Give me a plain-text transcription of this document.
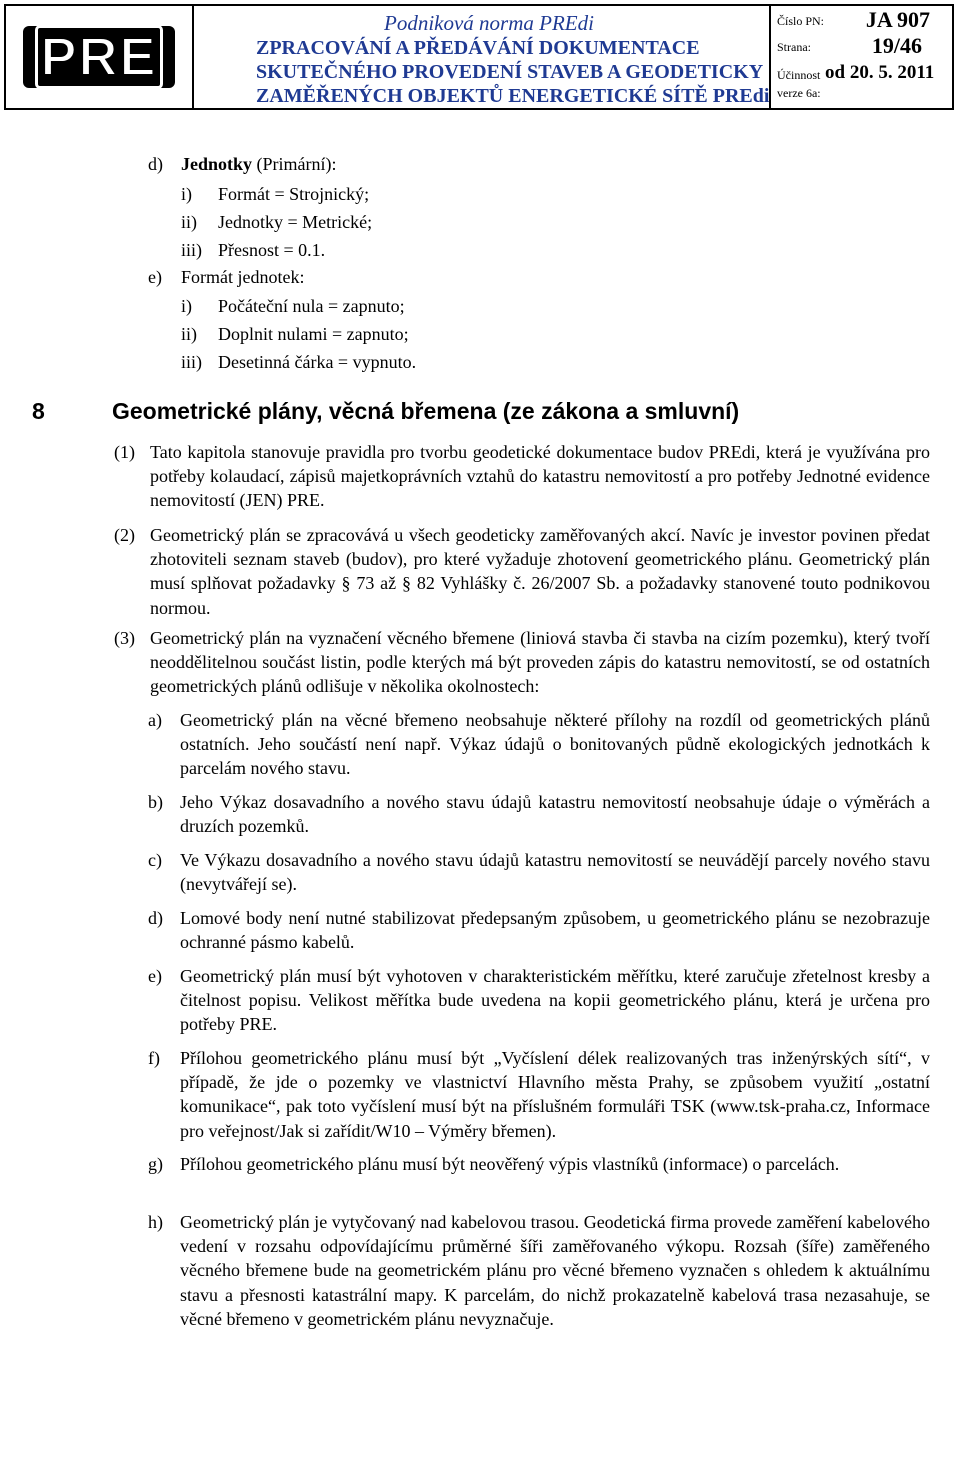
PRE
Podniková norma PREdi
ZPRACOVÁNÍ A PŘEDÁVÁNÍ DOKUMENTACE
SKUTEČNÉHO PROVEDENÍ STAVEB A GEODETICKY
ZAMĚŘENÝCH OBJEKTŮ ENERGETICKÉ SÍTĚ PREdi
Číslo PN: JA 907
Strana:	19/46
Účinnost od 20. 5. 2011
verze 6a:
d) Jednotky (Primární):
i) Formát = Strojnický;
ii) Jednotky = Metrické;
iii) Přesnost = 0.1.
e) Formát jednotek:
i) Počáteční nula = zapnuto;
ii) Doplnit nulami = zapnuto;
iii) Desetinná čárka = vypnuto.
8	Geometrické plány, věcná břemena (ze zákona a smluvní)
(1) Tato kapitola stanovuje pravidla pro tvorbu geodetické dokumentace budov PREdi, která je využívána pro potřeby kolaudací, zápisů majetkoprávních vztahů do katastru nemovitostí a pro potřeby Jednotné evidence nemovitostí (JEN) PRE.

(2) Geometrický plán se zpracovává u všech geodeticky zaměřovaných akcí. Navíc je investor povinen předat zhotoviteli seznam staveb (budov), pro které vyžaduje zhotovení geometrického plánu. Geometrický plán musí splňovat požadavky § 73 až § 82 Vyhlášky č. 26/2007 Sb. a požadavky stanovené touto podnikovou normou.

(3) Geometrický plán na vyznačení věcného břemene (liniová stavba či stavba na cizím pozemku), který tvoří neoddělitelnou součást listin, podle kterých má být proveden zápis do katastru nemovitostí, se od ostatních geometrických plánů odlišuje v několika okolnostech:

a) Geometrický plán na věcné břemeno neobsahuje některé přílohy na rozdíl od geometrických plánů ostatních. Jeho součástí není např. Výkaz údajů o bonitovaných půdně ekologických jednotkách k parcelám nového stavu.

b) Jeho Výkaz dosavadního a nového stavu údajů katastru nemovitostí neobsahuje údaje o výměrách a druzích pozemků.

c) Ve Výkazu dosavadního a nového stavu údajů katastru nemovitostí se neuvádějí parcely nového stavu (nevytvářejí se).

d) Lomové body není nutné stabilizovat předepsaným způsobem, u geometrického plánu se nezobrazuje ochranné pásmo kabelů.

e) Geometrický plán musí být vyhotoven v charakteristickém měřítku, které zaručuje zřetelnost kresby a čitelnost popisu. Velikost měřítka bude uvedena na kopii geometrického plánu, která je určena pro potřeby PRE.

f) Přílohou geometrického plánu musí být „Vyčíslení délek realizovaných tras inženýrských sítí“, v případě, že jde o pozemky ve vlastnictví Hlavního města Prahy, se způsobem využití „ostatní komunikace“, pak toto vyčíslení musí být na příslušném formuláři TSK (www.tsk-praha.cz, Informace pro veřejnost/Jak si zařídit/W10 – Výměry břemen).

g) Přílohou geometrického plánu musí být neověřený výpis vlastníků (informace) o parcelách.

h) Geometrický plán je vytyčovaný nad kabelovou trasou. Geodetická firma provede zaměření kabelového vedení v rozsahu odpovídajícímu průměrné šíři zaměřovaného výkopu. Rozsah (šíře) zaměřeného věcného břemene bude na geometrickém plánu pro věcné břemeno vyznačen s ohledem k aktuálnímu stavu a přesnosti katastrální mapy. K parcelám, do nichž prokazatelně kabelová trasa nezasahuje, se věcné břemeno v geometrickém plánu nevyznačuje.
